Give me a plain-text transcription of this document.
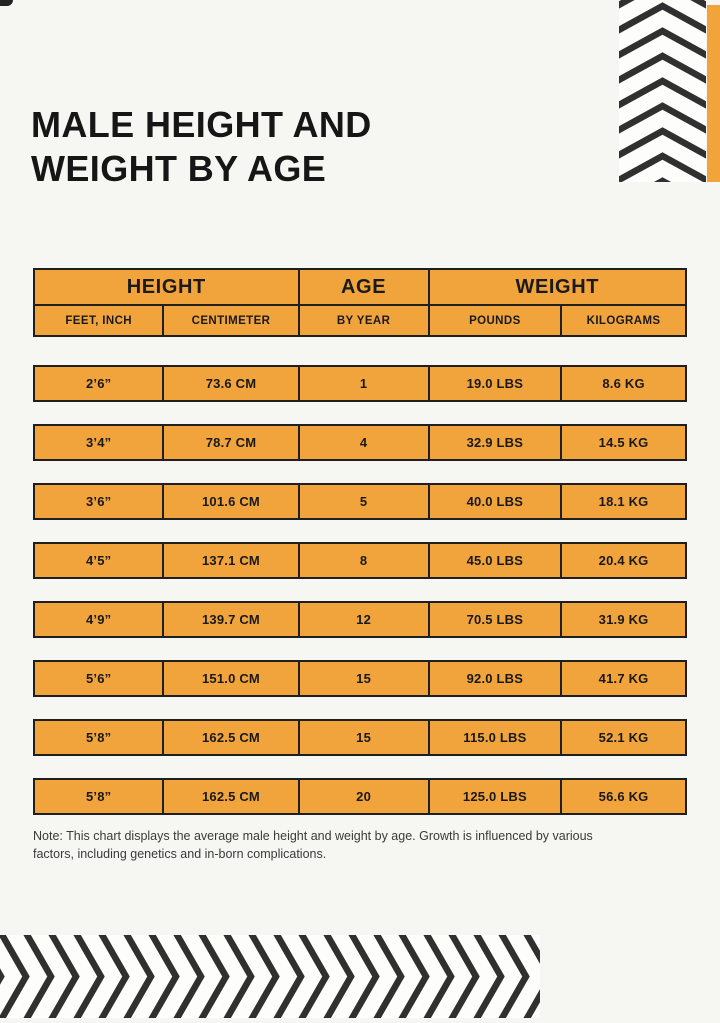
MALE HEIGHT AND
WEIGHT BY AGE
HEIGHT	AGE	WEIGHT
FEET, INCH	CENTIMETER	BY YEAR	POUNDS	KILOGRAMS
2’6”	73.6 CM	1	19.0 LBS	8.6 KG
3’4”	78.7 CM	4	32.9 LBS	14.5 KG
3’6”	101.6 CM	5	40.0 LBS	18.1 KG
4’5”	137.1 CM	8	45.0 LBS	20.4 KG
4’9”	139.7 CM	12	70.5 LBS	31.9 KG
5’6”	151.0 CM	15	92.0 LBS	41.7 KG
5’8”	162.5 CM	15	115.0 LBS	52.1 KG
5’8”	162.5 CM	20	125.0 LBS	56.6 KG
Note: This chart displays the average male height and weight by age. Growth is influenced by various factors, including genetics and in-born complications.
